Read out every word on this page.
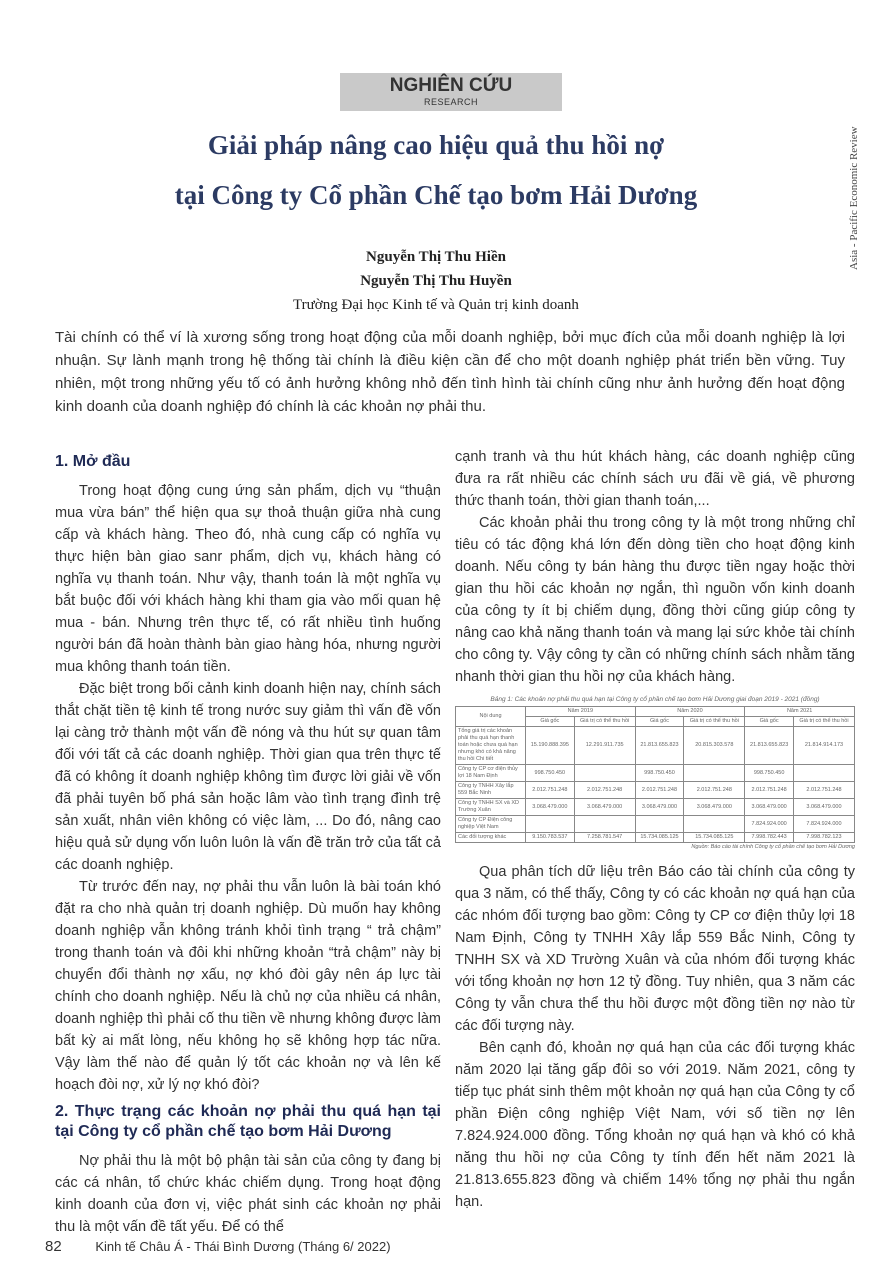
NGHIÊN CỨU
RESEARCH
Asia - Pacific Economic Review
Giải pháp nâng cao hiệu quả thu hồi nợ
tại Công ty Cổ phần Chế tạo bơm Hải Dương
Nguyễn Thị Thu Hiền
Nguyễn Thị Thu Huyền
Trường Đại học Kinh tế và Quản trị kinh doanh
Tài chính có thể ví là xương sống trong hoạt động của mỗi doanh nghiệp, bởi mục đích của mỗi doanh nghiệp là lợi nhuận. Sự lành mạnh trong hệ thống tài chính là điều kiện cần để cho một doanh nghiệp phát triển bền vững. Tuy nhiên, một trong những yếu tố có ảnh hưởng không nhỏ đến tình hình tài chính cũng như ảnh hưởng đến hoạt động kinh doanh của doanh nghiệp đó chính là các khoản nợ phải thu.
1. Mở đầu

Trong hoạt động cung ứng sản phẩm, dịch vụ “thuận mua vừa bán” thể hiện qua sự thoả thuận giữa nhà cung cấp và khách hàng. Theo đó, nhà cung cấp có nghĩa vụ thực hiện bàn giao sanr phẩm, dịch vụ, khách hàng có nghĩa vụ thanh toán. Như vậy, thanh toán là một nghĩa vụ bắt buộc đối với khách hàng khi tham gia vào mối quan hệ mua - bán. Nhưng trên thực tế, có rất nhiều tình huống người bán đã hoàn thành bàn giao hàng hóa, nhưng người mua không thanh toán tiền.

Đặc biệt trong bối cảnh kinh doanh hiện nay, chính sách thắt chặt tiền tệ kinh tế trong nước suy giảm thì vấn đề vốn lại càng trở thành một vấn đề nóng và thu hút sự quan tâm đối với tất cả các doanh nghiệp. Thời gian qua trên thực tế đã có không ít doanh nghiệp không tìm được lời giải về vốn đã phải tuyên bố phá sản hoặc lâm vào tình trạng đình trệ sản xuất, nhân viên không có việc làm, ... Do đó, nâng cao hiệu quả sử dụng vốn luôn luôn là vấn đề trăn trở của tất cả các doanh nghiệp.

Từ trước đến nay, nợ phải thu vẫn luôn là bài toán khó đặt ra cho nhà quản trị doanh nghiệp. Dù muốn hay không doanh nghiệp vẫn không tránh khỏi tình trạng “ trả chậm” trong thanh toán và đôi khi những khoản “trả chậm” này bị chuyển đổi thành nợ xấu, nợ khó đòi gây nên áp lực tài chính cho doanh nghiệp. Nếu là chủ nợ của nhiều cá nhân, doanh nghiệp thì phải cố thu tiền về nhưng không được làm bất kỳ ai mất lòng, nếu không họ sẽ không hợp tác nữa. Vậy làm thế nào để quản lý tốt các khoản nợ và lên kế hoạch đòi nợ, xử lý nợ khó đòi?

2. Thực trạng các khoản nợ phải thu quá hạn tại tại Công ty cổ phần chế tạo bơm Hải Dương

Nợ phải thu là một bộ phận tài sản của công ty đang bị các cá nhân, tổ chức khác chiếm dụng. Trong hoạt động kinh doanh của đơn vị, việc phát sinh các khoản nợ phải thu là một vấn đề tất yếu. Để có thể

cạnh tranh và thu hút khách hàng, các doanh nghiệp cũng đưa ra rất nhiều các chính sách ưu đãi về giá, về phương thức thanh toán, thời gian thanh toán,...

Các khoản phải thu trong công ty là một trong những chỉ tiêu có tác động khá lớn đến dòng tiền cho hoạt động kinh doanh. Nếu công ty bán hàng thu được tiền ngay hoặc thời gian thu hồi các khoản nợ ngắn, thì nguồn vốn kinh doanh của công ty ít bị chiếm dụng, đồng thời cũng giúp công ty nâng cao khả năng thanh toán và mang lại sức khỏe tài chính cho công ty. Vậy công ty cần có những chính sách nhằm tăng nhanh thời gian thu hồi nợ của khách hàng.

Bảng 1: Các khoản nợ phải thu quá hạn tại Công ty cổ phần chế tạo bơm Hải Dương giai đoạn 2019 - 2021 (đồng)
Nội dung	Năm 2019		Năm 2020		Năm 2021	
	Giá gốc	Giá trị có thể thu hồi	Giá gốc	Giá trị có thể thu hồi	Giá gốc	Giá trị có thể thu hồi
Tổng giá trị các khoản phải thu quá hạn thanh toán hoặc chưa quá hạn nhưng khó có khả năng thu hồi Chi tiết	15.190.888.395	12.291.911.735	21.813.655.823	20.815.303.578	21.813.655.823	21.814.914.173
Công ty CP cơ điện thủy lợi 18 Nam Định	998.750.450		998.750.450		998.750.450	
Công ty TNHH Xây lắp 559 Bắc Ninh	2.012.751.248	2.012.751.248	2.012.751.248	2.012.751.248	2.012.751.248	2.012.751.248
Công ty TNHH SX và XD Trường Xuân	3.068.479.000	3.068.479.000	3.068.479.000	3.068.479.000	3.068.479.000	3.068.479.000
Công ty CP Điện công nghiệp Việt Nam					7.824.924.000	7.824.924.000
Các đối tượng khác	9.150.783.537	7.258.781.547	15.734.085.125	15.734.085.125	7.998.782.443	7.998.782.123
Nguồn: Báo cáo tài chính Công ty cổ phần chế tạo bơm Hải Dương

Qua phân tích dữ liệu trên Báo cáo tài chính của công ty qua 3 năm, có thể thấy, Công ty có các khoản nợ quá hạn của các nhóm đối tượng bao gồm: Công ty CP cơ điện thủy lợi 18 Nam Định, Công ty TNHH Xây lắp 559 Bắc Ninh, Công ty TNHH SX và XD Trường Xuân và của nhóm đối tượng khác với tổng khoản nợ hơn 12 tỷ đồng. Tuy nhiên, qua 3 năm các Công ty vẫn chưa thể thu hồi được một đồng tiền nợ nào từ các đối tượng này.

Bên cạnh đó, khoản nợ quá hạn của các đối tượng khác năm 2020 lại tăng gấp đôi so với 2019. Năm 2021, công ty tiếp tục phát sinh thêm một khoản nợ quá hạn của Công ty cổ phần Điện công nghiệp Việt Nam, với số tiền nợ lên 7.824.924.000 đồng. Tổng khoản nợ quá hạn và khó có khả năng thu hồi nợ của Công ty tính đến hết năm 2021 là 21.813.655.823 đồng và chiếm 14% tổng nợ phải thu ngắn hạn.

82	Kinh tế Châu Á - Thái Bình Dương (Tháng 6/ 2022)
